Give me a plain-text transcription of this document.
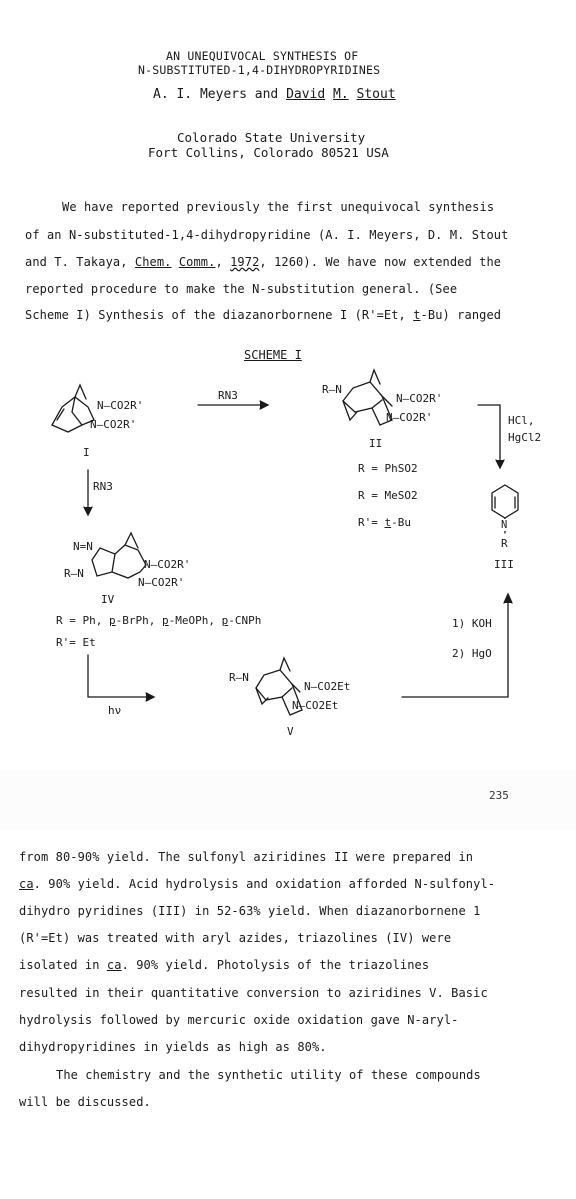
AN UNEQUIVOCAL SYNTHESIS OF
N-SUBSTITUTED-1,4-DIHYDROPYRIDINES
A. I. Meyers and David M. Stout
Colorado State University
Fort Collins, Colorado 80521 USA
We have reported previously the first unequivocal synthesis
of an N-substituted-1,4-dihydropyridine (A. I. Meyers, D. M. Stout
and T. Takaya, Chem. Comm., 1972, 1260). We have now extended the
reported procedure to make the N-substitution general. (See
Scheme I) Synthesis of the diazanorbornene I (R'=Et, t-Bu) ranged
SCHEME I
N—CO2R'
N—CO2R'
I
RN3	R–N
N—CO2R'
N—CO2R'
II
R = PhSO2
R = MeSO2
R'= t-Bu
HCl,
HgCl2
N
R
III
RN3
N=N
R–N
N—CO2R'
N—CO2R'
IV
R = Ph, p-BrPh, p-MeOPh, p-CNPh
R'= Et
hν
R–N
N—CO2Et
N—CO2Et
V
1) KOH
2) HgO
235
from 80-90% yield. The sulfonyl aziridines II were prepared in
ca. 90% yield. Acid hydrolysis and oxidation afforded N-sulfonyl-
dihydro pyridines (III) in 52-63% yield. When diazanorbornene 1
(R'=Et) was treated with aryl azides, triazolines (IV) were
isolated in ca. 90% yield. Photolysis of the triazolines
resulted in their quantitative conversion to aziridines V. Basic
hydrolysis followed by mercuric oxide oxidation gave N-aryl-
dihydropyridines in yields as high as 80%.
The chemistry and the synthetic utility of these compounds
will be discussed.
